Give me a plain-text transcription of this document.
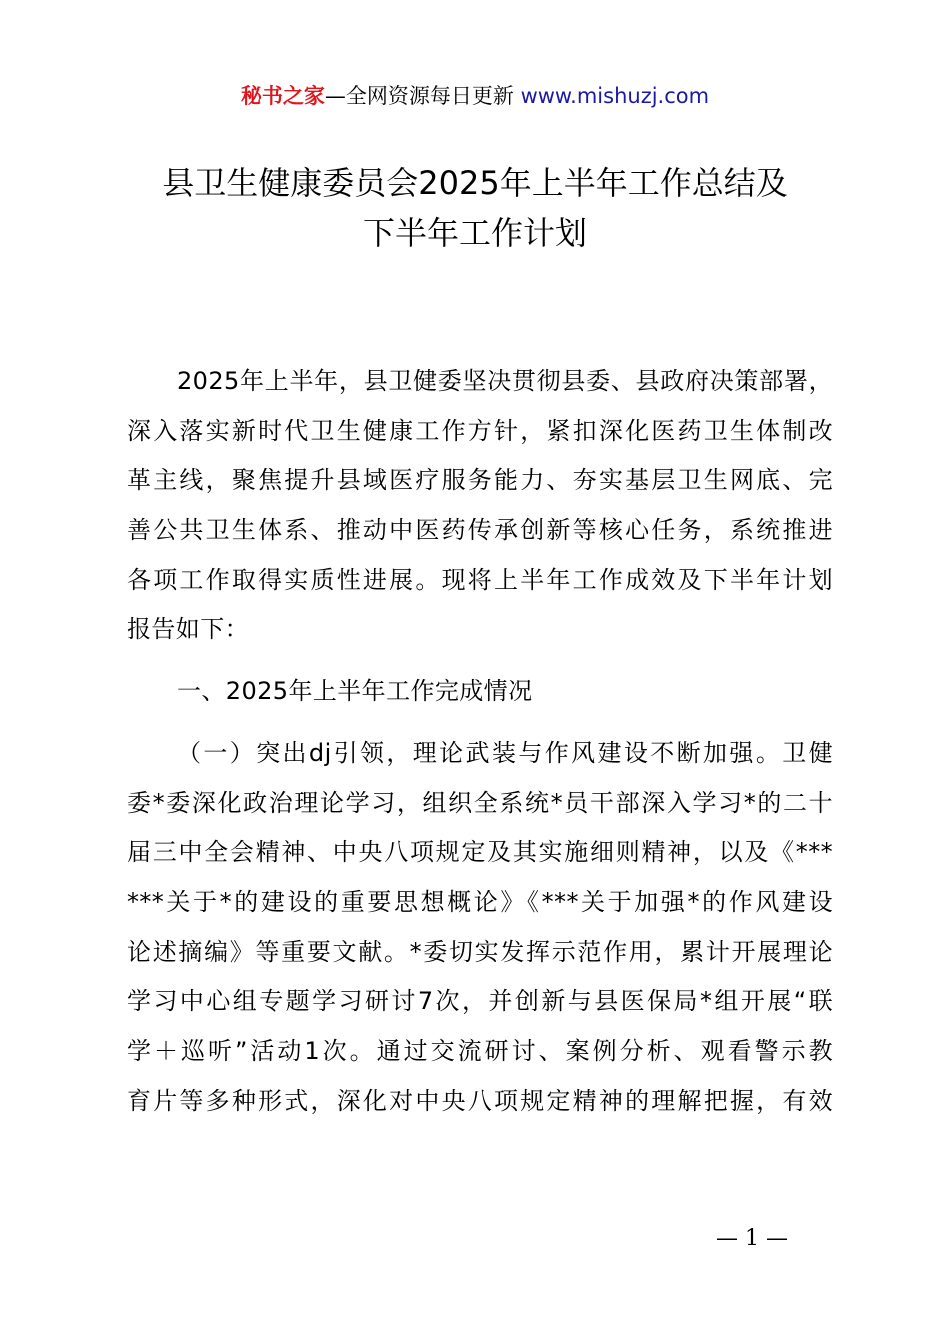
秘书之家—全网资源每日更新 www.mishuzj.com
县卫生健康委员会2025年上半年工作总结及
下半年工作计划
2025年上半年，县卫健委坚决贯彻县委、县政府决策部署，
深入落实新时代卫生健康工作方针，紧扣深化医药卫生体制改
革主线，聚焦提升县域医疗服务能力、夯实基层卫生网底、完
善公共卫生体系、推动中医药传承创新等核心任务，系统推进
各项工作取得实质性进展。现将上半年工作成效及下半年计划
报告如下：
一、2025年上半年工作完成情况
（一）突出dj引领，理论武装与作风建设不断加强。卫健
委*委深化政治理论学习，组织全系统*员干部深入学习*的二十
届三中全会精神、中央八项规定及其实施细则精神，以及《***
***关于*的建设的重要思想概论》《***关于加强*的作风建设
论述摘编》等重要文献。*委切实发挥示范作用，累计开展理论
学习中心组专题学习研讨7次，并创新与县医保局*组开展“联
学＋巡听”活动1次。通过交流研讨、案例分析、观看警示教
育片等多种形式，深化对中央八项规定精神的理解把握，有效
— 1 —
